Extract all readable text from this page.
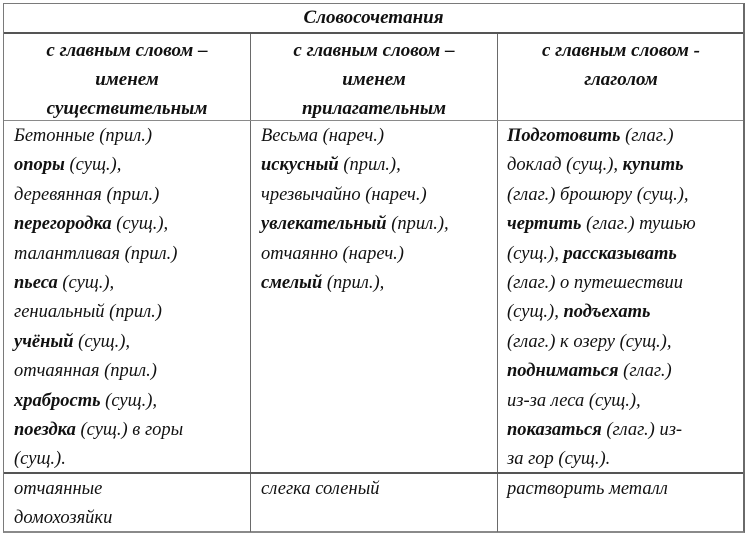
Словосочетания
с главным словом –
именем
существительным
с главным словом –
именем
прилагательным
с главным словом -
глаголом
Бетонные (прил.)
опоры (сущ.),
деревянная (прил.)
перегородка (сущ.),
талантливая (прил.)
пьеса (сущ.),
гениальный (прил.)
учёный (сущ.),
отчаянная (прил.)
храбрость (сущ.),
поездка (сущ.) в горы
(сущ.).
Весьма (нареч.)
искусный (прил.),
чрезвычайно (нареч.)
увлекательный (прил.),
отчаянно (нареч.)
смелый (прил.),
Подготовить (глаг.)
доклад (сущ.), купить
(глаг.) брошюру (сущ.),
чертить (глаг.) тушью
(сущ.), рассказывать
(глаг.) о путешествии
(сущ.), подъехать
(глаг.) к озеру (сущ.),
подниматься (глаг.)
из-за леса (сущ.),
показаться (глаг.) из-
за гор (сущ.).
отчаянные
домохозяйки
слегка соленый	растворить металл
